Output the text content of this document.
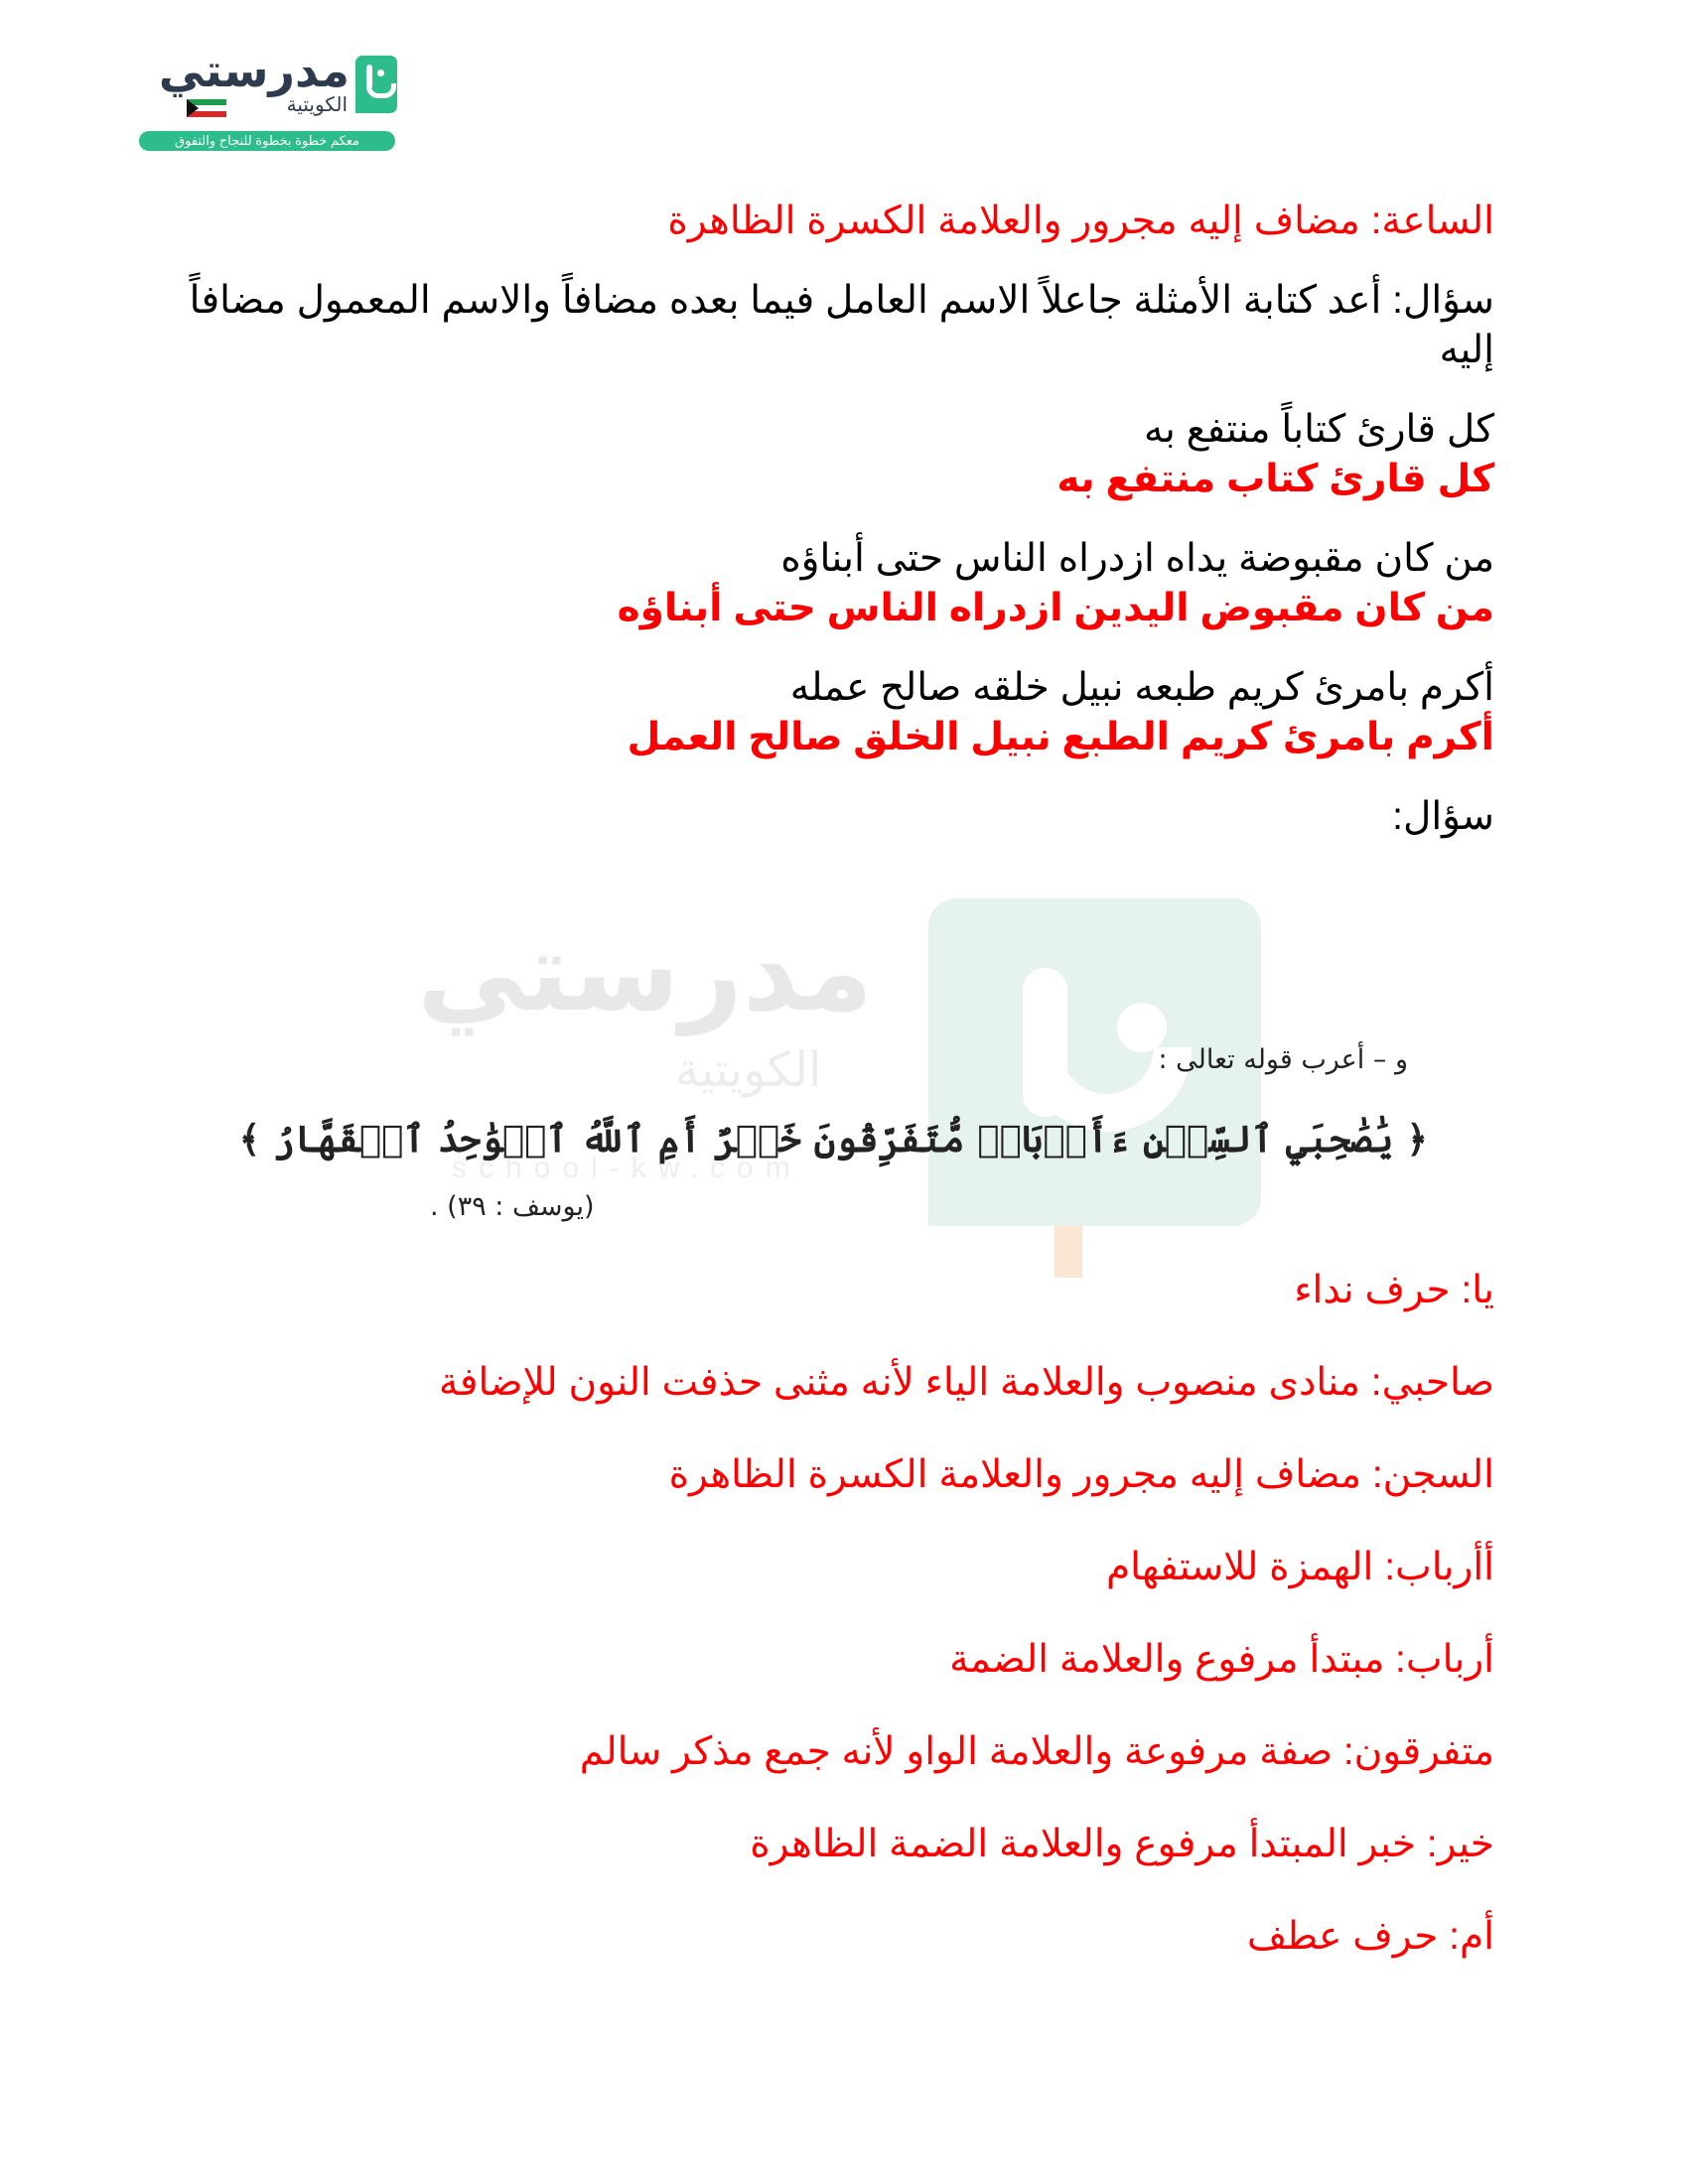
مدرستي
الكويتية
school-kw.com
مدرستي
الكويتية
معكم خطوة بخطوة للنجاح والتفوق

الساعة: مضاف إليه مجرور والعلامة الكسرة الظاهرة

سؤال: أعد كتابة الأمثلة جاعلاً الاسم العامل فيما بعده مضافاً والاسم المعمول مضافاً إليه

كل قارئ كتاباً منتفع به

كل قارئ كتاب منتفع به

من كان مقبوضة يداه ازدراه الناس حتى أبناؤه

من كان مقبوض اليدين ازدراه الناس حتى أبناؤه

أكرم بامرئ كريم طبعه نبيل خلقه صالح عمله

أكرم بامرئ كريم الطبع نبيل الخلق صالح العمل

سؤال:

و – أعرب قوله تعالى :
﴿ يَٰصَٰحِبَيِ ٱلسِّجۡنِ ءَأَرۡبَابٞ مُّتَفَرِّقُونَ خَيۡرٌ أَمِ ٱللَّهُ ٱلۡوَٰحِدُ ٱلۡقَهَّارُ ﴾
(يوسف : ٣٩) .

يا: حرف نداء

صاحبي: منادى منصوب والعلامة الياء لأنه مثنى حذفت النون للإضافة

السجن: مضاف إليه مجرور والعلامة الكسرة الظاهرة

أأرباب: الهمزة للاستفهام

أرباب: مبتدأ مرفوع والعلامة الضمة

متفرقون: صفة مرفوعة والعلامة الواو لأنه جمع مذكر سالم

خير: خبر المبتدأ مرفوع والعلامة الضمة الظاهرة

أم: حرف عطف
